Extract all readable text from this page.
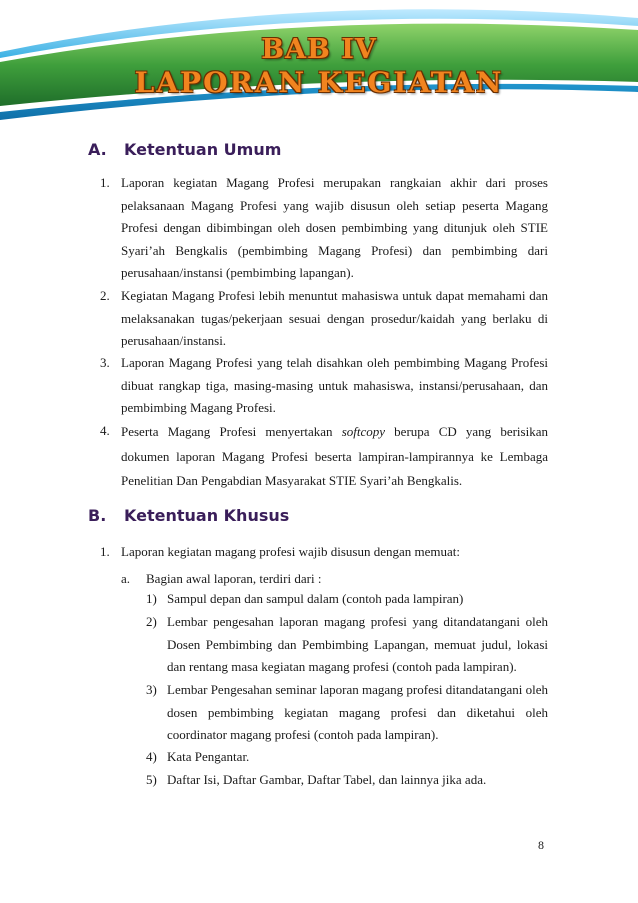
BAB IV
LAPORAN KEGIATAN
A. Ketentuan Umum
1. Laporan kegiatan Magang Profesi merupakan rangkaian akhir dari proses
pelaksanaan Magang Profesi yang wajib disusun oleh setiap peserta Magang
Profesi dengan dibimbingan oleh dosen pembimbing yang ditunjuk oleh STIE
Syari’ah Bengkalis (pembimbing Magang Profesi) dan pembimbing dari
perusahaan/instansi (pembimbing lapangan).
2. Kegiatan Magang Profesi lebih menuntut mahasiswa untuk dapat memahami dan
melaksanakan tugas/pekerjaan sesuai dengan prosedur/kaidah yang berlaku di
perusahaan/instansi.
3. Laporan Magang Profesi yang telah disahkan oleh pembimbing Magang Profesi
dibuat rangkap tiga, masing-masing untuk mahasiswa, instansi/perusahaan, dan
pembimbing Magang Profesi.
4. Peserta Magang Profesi menyertakan softcopy berupa CD yang berisikan
dokumen laporan Magang Profesi beserta lampiran-lampirannya ke Lembaga
Penelitian Dan Pengabdian Masyarakat STIE Syari’ah Bengkalis.
B. Ketentuan Khusus
1. Laporan kegiatan magang profesi wajib disusun dengan memuat:
a. Bagian awal laporan, terdiri dari :
1) Sampul depan dan sampul dalam (contoh pada lampiran)
2) Lembar pengesahan laporan magang profesi yang ditandatangani oleh
Dosen Pembimbing dan Pembimbing Lapangan, memuat judul, lokasi
dan rentang masa kegiatan magang profesi (contoh pada lampiran).
3) Lembar Pengesahan seminar laporan magang profesi ditandatangani oleh
dosen pembimbing kegiatan magang profesi dan diketahui oleh
coordinator magang profesi (contoh pada lampiran).
4) Kata Pengantar.
5) Daftar Isi, Daftar Gambar, Daftar Tabel, dan lainnya jika ada.
8
